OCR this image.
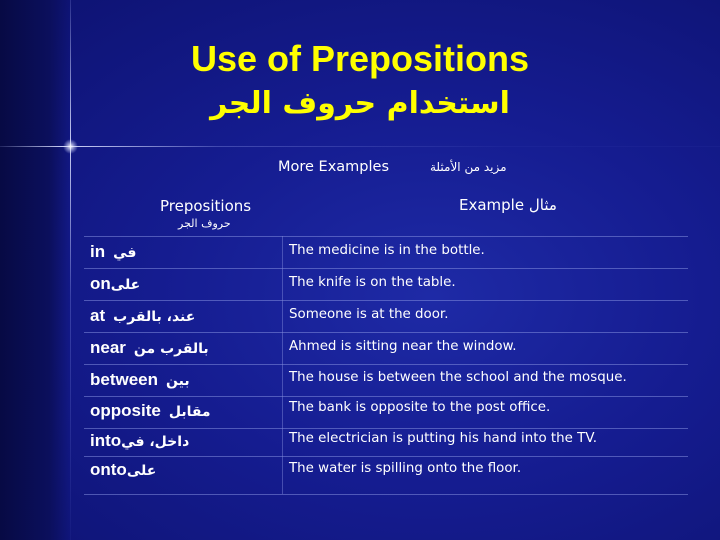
Use of Prepositions
استخدام حروف الجر
More Examples	مزيد من الأمثلة
Prepositions
حروف الجر
Example مثال
in في	The medicine is in the bottle.
onعلى	The knife is on the table.
at عند، بالقرب	Someone is at the door.
near بالقرب من	Ahmed is sitting near the window.
between بين	The house is between the school and the mosque.
opposite مقابل	The bank is opposite to the post office.
intoداخل، في	The electrician is putting his hand into the TV.
ontoعلى	The water is spilling onto the floor.
